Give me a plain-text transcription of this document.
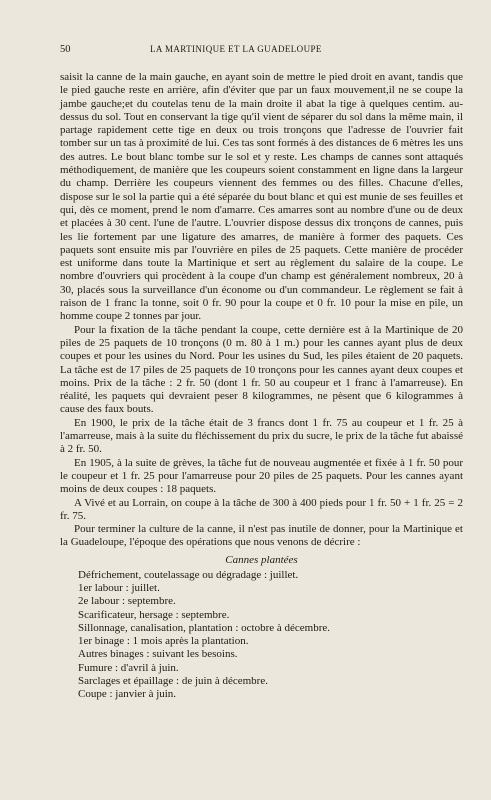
50	LA MARTINIQUE ET LA GUADELOUPE

saisit la canne de la main gauche, en ayant soin de mettre le pied droit en avant, tandis que le pied gauche reste en arrière, afin d'éviter que par un faux mouvement,il ne se coupe la jambe gauche;et du coutelas tenu de la main droite il abat la tige à quelques centim. au-dessus du sol. Tout en conservant la tige qu'il vient de séparer du sol dans la même main, il partage rapidement cette tige en deux ou trois tronçons que l'adresse de l'ouvrier fait tomber sur un tas à proximité de lui. Ces tas sont formés à des distances de 6 mètres les uns des autres. Le bout blanc tombe sur le sol et y reste. Les champs de cannes sont attaqués méthodiquement, de manière que les coupeurs soient constamment en ligne dans la largeur du champ. Derrière les coupeurs viennent des femmes ou des filles. Chacune d'elles, dispose sur le sol la partie qui a été séparée du bout blanc et qui est munie de ses feuilles et qui, dès ce moment, prend le nom d'amarre. Ces amarres sont au nombre d'une ou de deux et placées à 30 cent. l'une de l'autre. L'ouvrier dispose dessus dix tronçons de cannes, puis les lie fortement par une ligature des amarres, de manière à former des paquets. Ces paquets sont ensuite mis par l'ouvrière en piles de 25 paquets. Cette manière de procéder est uniforme dans toute la Martinique et sert au règlement du salaire de la coupe. Le nombre d'ouvriers qui procèdent à la coupe d'un champ est généralement nombreux, 20 à 30, placés sous la surveillance d'un économe ou d'un commandeur. Le règlement se fait à raison de 1 franc la tonne, soit 0 fr. 90 pour la coupe et 0 fr. 10 pour la mise en pile, un homme coupe 2 tonnes par jour.

Pour la fixation de la tâche pendant la coupe, cette dernière est à la Martinique de 20 piles de 25 paquets de 10 tronçons (0 m. 80 à 1 m.) pour les cannes ayant plus de deux coupes et pour les usines du Nord. Pour les usines du Sud, les piles étaient de 20 paquets. La tâche est de 17 piles de 25 paquets de 10 tronçons pour les cannes ayant deux coupes et moins. Prix de la tâche : 2 fr. 50 (dont 1 fr. 50 au coupeur et 1 franc à l'amarreuse). En réalité, les paquets qui devraient peser 8 kilogrammes, ne pèsent que 6 kilogrammes à cause des faux bouts.

En 1900, le prix de la tâche était de 3 francs dont 1 fr. 75 au coupeur et 1 fr. 25 à l'amarreuse, mais à la suite du fléchissement du prix du sucre, le prix de la tâche fut abaissé à 2 fr. 50.

En 1905, à la suite de grèves, la tâche fut de nouveau augmentée et fixée à 1 fr. 50 pour le coupeur et 1 fr. 25 pour l'amarreuse pour 20 piles de 25 paquets. Pour les cannes ayant moins de deux coupes : 18 paquets.

A Vivé et au Lorrain, on coupe à la tâche de 300 à 400 pieds pour 1 fr. 50 + 1 fr. 25 = 2 fr. 75.

Pour terminer la culture de la canne, il n'est pas inutile de donner, pour la Martinique et la Guadeloupe, l'époque des opérations que nous venons de décrire :

Cannes plantées
Défrichement, coutelassage ou dégradage : juillet.
1er labour : juillet.
2e labour : septembre.
Scarificateur, hersage : septembre.
Sillonnage, canalisation, plantation : octobre à décembre.
1er binage : 1 mois après la plantation.
Autres binages : suivant les besoins.
Fumure : d'avril à juin.
Sarclages et épaillage : de juin à décembre.
Coupe : janvier à juin.
